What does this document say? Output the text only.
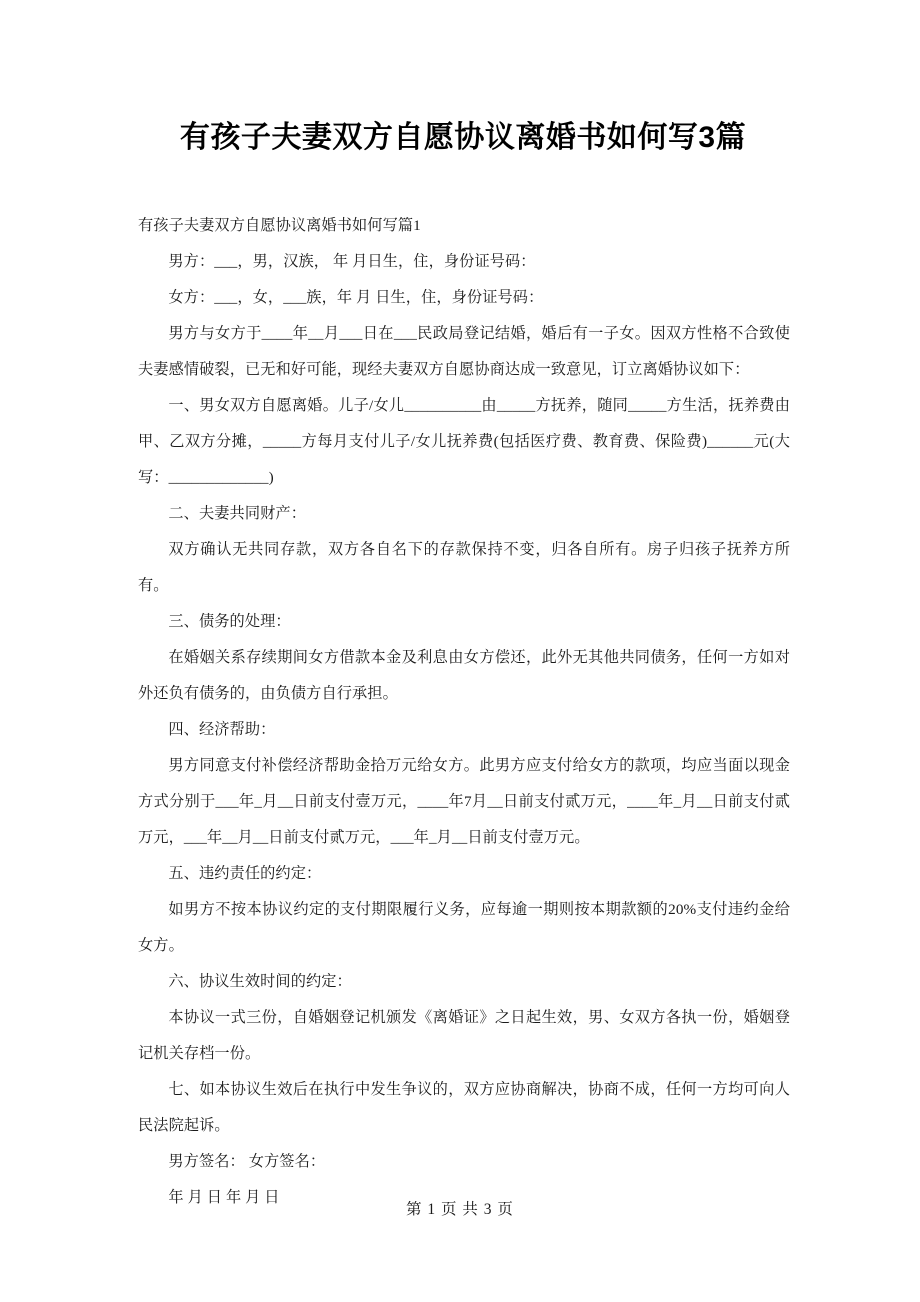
有孩子夫妻双方自愿协议离婚书如何写3篇

有孩子夫妻双方自愿协议离婚书如何写篇1

男方：___，男，汉族， 年 月日生，住，身份证号码：

女方：___，女，___族，年 月 日生，住，身份证号码：

男方与女方于____年__月___日在___民政局登记结婚，婚后有一子女。因双方性格不合致使夫妻感情破裂，已无和好可能，现经夫妻双方自愿协商达成一致意见，订立离婚协议如下：

一、男女双方自愿离婚。儿子/女儿__________由_____方抚养，随同_____方生活，抚养费由甲、乙双方分摊，_____方每月支付儿子/女儿抚养费(包括医疗费、教育费、保险费)______元(大写：_____________)

二、夫妻共同财产：

双方确认无共同存款，双方各自名下的存款保持不变，归各自所有。房子归孩子抚养方所有。

三、债务的处理：

在婚姻关系存续期间女方借款本金及利息由女方偿还，此外无其他共同债务，任何一方如对外还负有债务的，由负债方自行承担。

四、经济帮助：

男方同意支付补偿经济帮助金拾万元给女方。此男方应支付给女方的款项，均应当面以现金方式分别于___年_月__日前支付壹万元，____年7月__日前支付贰万元，____年_月__日前支付贰万元，___年__月__日前支付贰万元，___年_月__日前支付壹万元。

五、违约责任的约定：

如男方不按本协议约定的支付期限履行义务，应每逾一期则按本期款额的20%支付违约金给女方。

六、协议生效时间的约定：

本协议一式三份，自婚姻登记机颁发《离婚证》之日起生效，男、女双方各执一份，婚姻登记机关存档一份。

七、如本协议生效后在执行中发生争议的，双方应协商解决，协商不成，任何一方均可向人民法院起诉。

男方签名： 女方签名：

年 月 日 年 月 日

第 1 页 共 3 页
